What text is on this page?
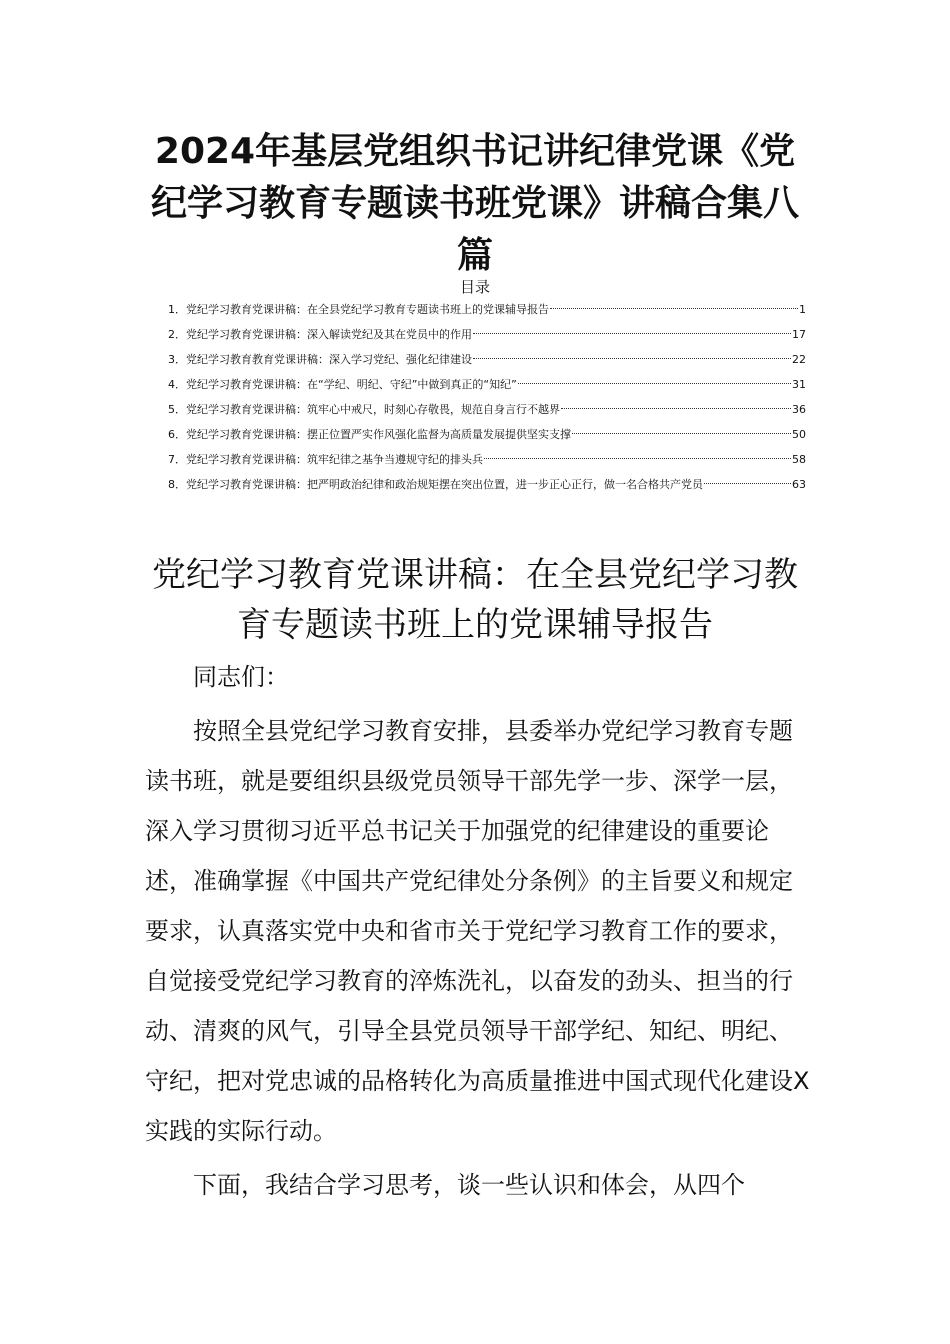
2024年基层党组织书记讲纪律党课《党纪学习教育专题读书班党课》讲稿合集八篇
目录
1． 党纪学习教育党课讲稿：在全县党纪学习教育专题读书班上的党课辅导报告	1
2． 党纪学习教育党课讲稿：深入解读党纪及其在党员中的作用	17
3． 党纪学习教育教育党课讲稿：深入学习党纪、强化纪律建设	22
4． 党纪学习教育党课讲稿：在“学纪、明纪、守纪”中做到真正的“知纪”	31
5． 党纪学习教育党课讲稿：筑牢心中戒尺，时刻心存敬畏，规范自身言行不越界	36
6． 党纪学习教育党课讲稿：摆正位置严实作风强化监督为高质量发展提供坚实支撑	50
7． 党纪学习教育党课讲稿：筑牢纪律之基争当遵规守纪的排头兵	58
8． 党纪学习教育党课讲稿：把严明政治纪律和政治规矩摆在突出位置，进一步正心正行，做一名合格共产党员	63
党纪学习教育党课讲稿：在全县党纪学习教育专题读书班上的党课辅导报告

同志们：

按照全县党纪学习教育安排，县委举办党纪学习教育专题读书班，就是要组织县级党员领导干部先学一步、深学一层，深入学习贯彻习近平总书记关于加强党的纪律建设的重要论述，准确掌握《中国共产党纪律处分条例》的主旨要义和规定要求，认真落实党中央和省市关于党纪学习教育工作的要求，自觉接受党纪学习教育的淬炼洗礼，以奋发的劲头、担当的行动、清爽的风气，引导全县党员领导干部学纪、知纪、明纪、守纪，把对党忠诚的品格转化为高质量推进中国式现代化建设X实践的实际行动。

下面，我结合学习思考，谈一些认识和体会，从四个
